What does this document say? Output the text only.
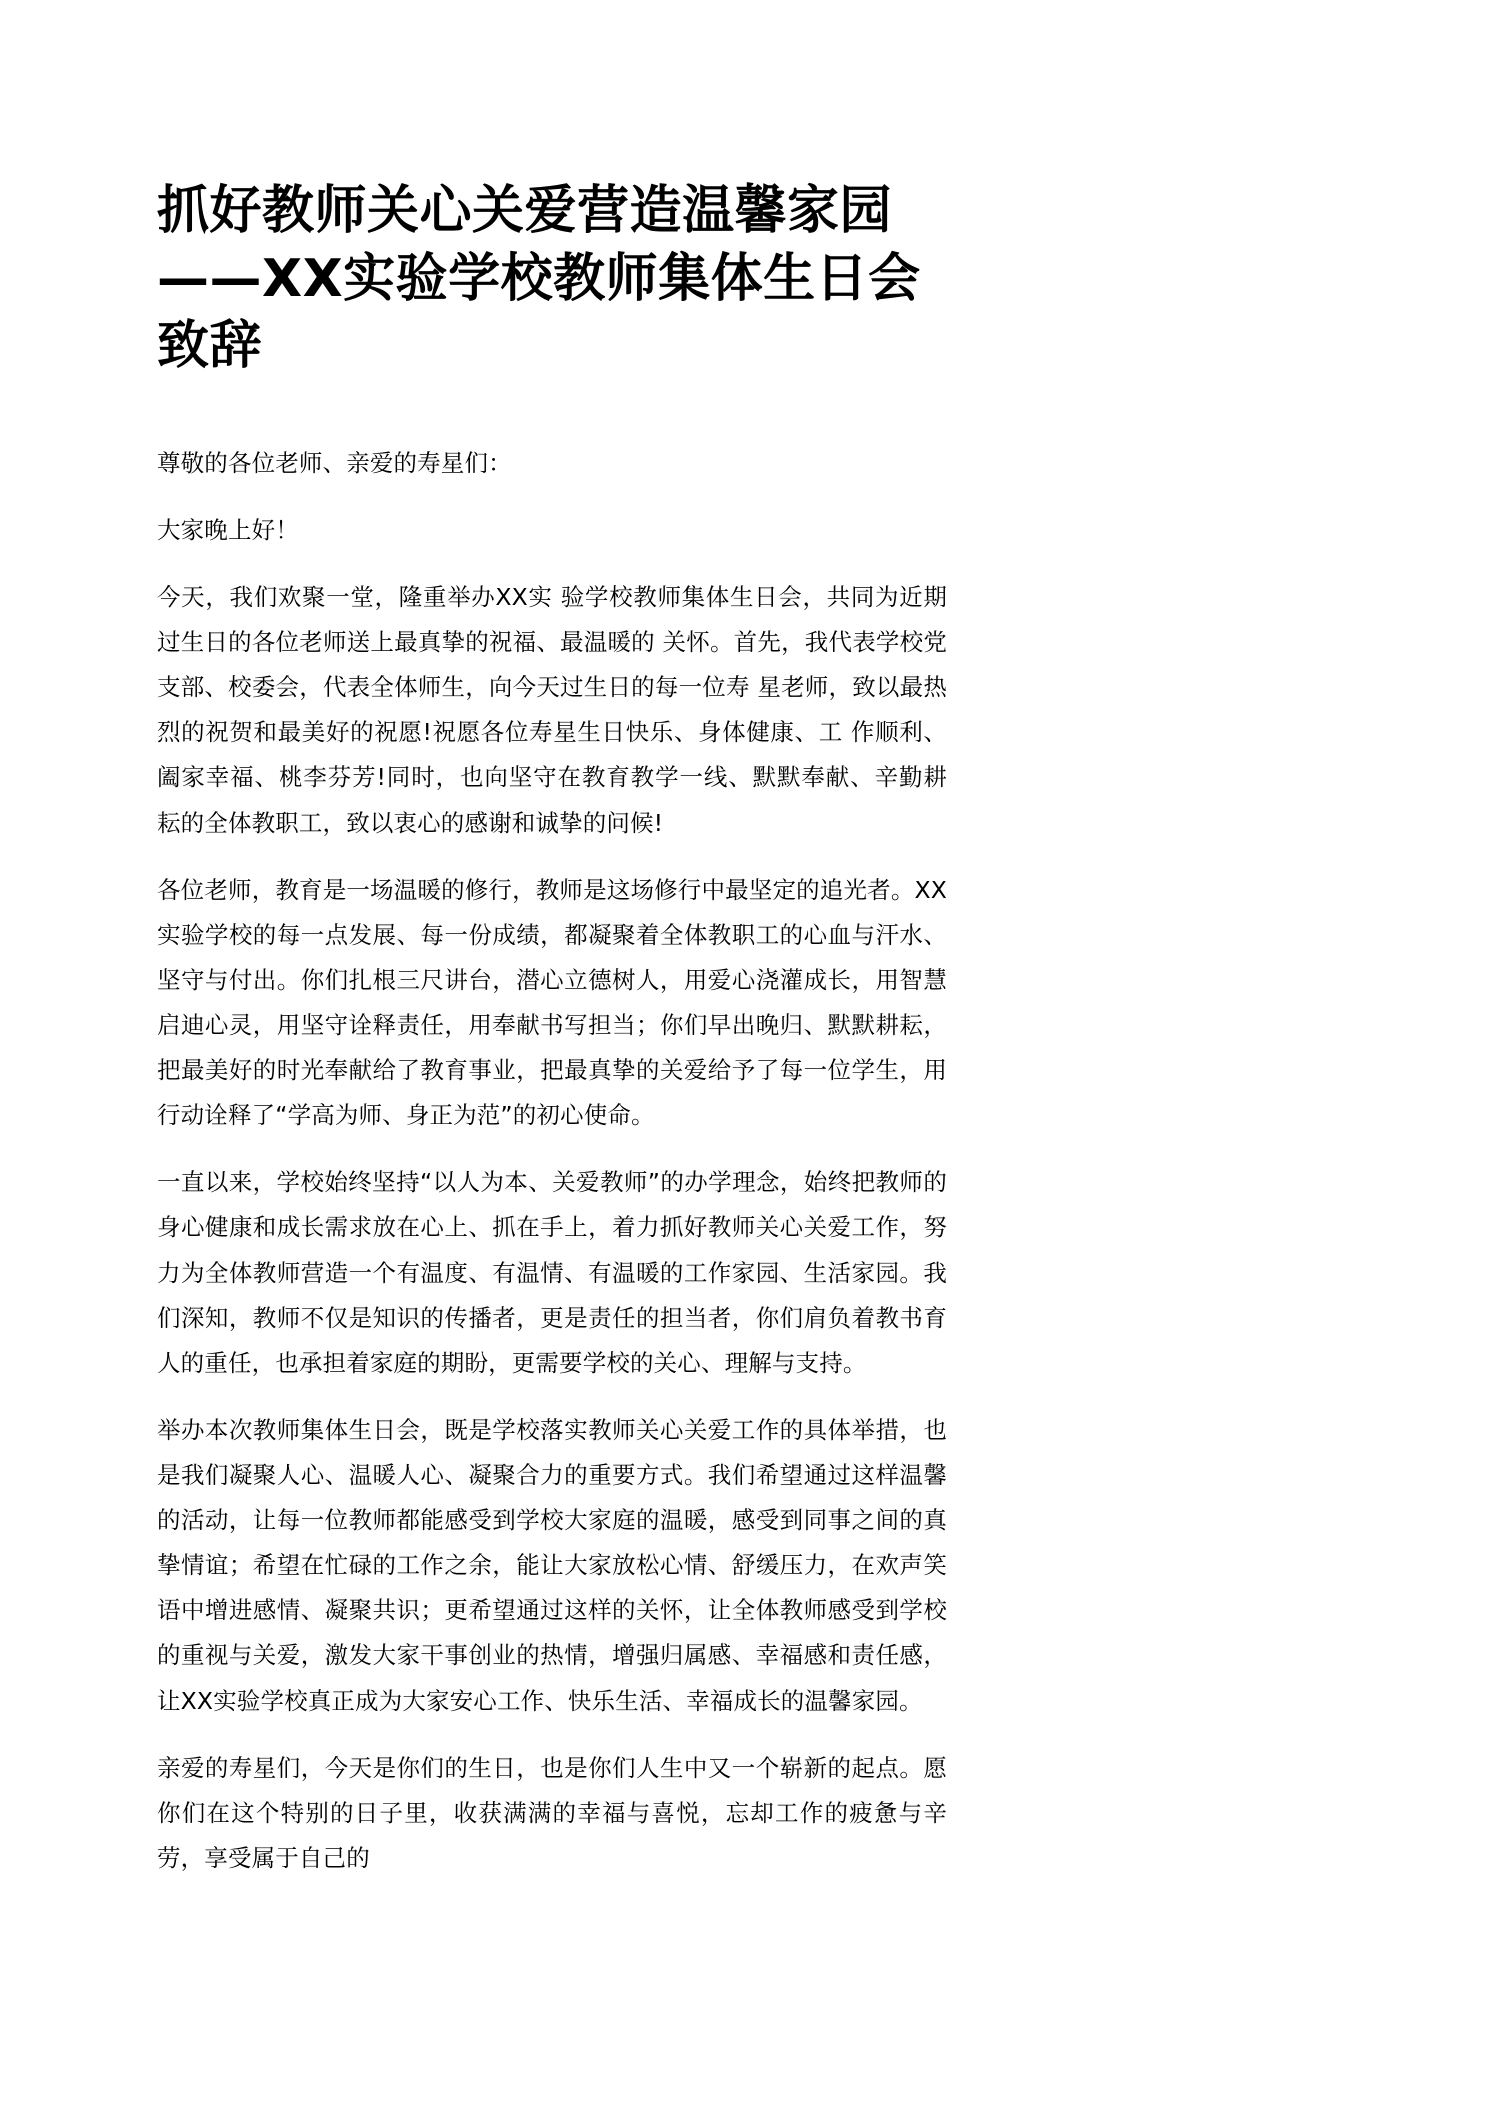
抓好教师关心关爱营造温馨家园——XX实验学校教师集体生日会致辞

尊敬的各位老师、亲爱的寿星们：

大家晚上好！

今天，我们欢聚一堂，隆重举办XX实 验学校教师集体生日会，共同为近期过生日的各位老师送上最真挚的祝福、最温暖的 关怀。首先，我代表学校党支部、校委会，代表全体师生，向今天过生日的每一位寿 星老师，致以最热烈的祝贺和最美好的祝愿!祝愿各位寿星生日快乐、身体健康、工 作顺利、阖家幸福、桃李芬芳!同时，也向坚守在教育教学一线、默默奉献、辛勤耕 耘的全体教职工，致以衷心的感谢和诚挚的问候!

各位老师，教育是一场温暖的修行，教师是这场修行中最坚定的追光者。XX实验学校的每一点发展、每一份成绩，都凝聚着全体教职工的心血与汗水、坚守与付出。你们扎根三尺讲台，潜心立德树人，用爱心浇灌成长，用智慧启迪心灵，用坚守诠释责任，用奉献书写担当；你们早出晚归、默默耕耘，把最美好的时光奉献给了教育事业，把最真挚的关爱给予了每一位学生，用行动诠释了“学高为师、身正为范”的初心使命。

一直以来，学校始终坚持“以人为本、关爱教师”的办学理念，始终把教师的身心健康和成长需求放在心上、抓在手上，着力抓好教师关心关爱工作，努力为全体教师营造一个有温度、有温情、有温暖的工作家园、生活家园。我们深知，教师不仅是知识的传播者，更是责任的担当者，你们肩负着教书育人的重任，也承担着家庭的期盼，更需要学校的关心、理解与支持。

举办本次教师集体生日会，既是学校落实教师关心关爱工作的具体举措，也是我们凝聚人心、温暖人心、凝聚合力的重要方式。我们希望通过这样温馨的活动，让每一位教师都能感受到学校大家庭的温暖，感受到同事之间的真挚情谊；希望在忙碌的工作之余，能让大家放松心情、舒缓压力，在欢声笑语中增进感情、凝聚共识；更希望通过这样的关怀，让全体教师感受到学校的重视与关爱，激发大家干事创业的热情，增强归属感、幸福感和责任感，让XX实验学校真正成为大家安心工作、快乐生活、幸福成长的温馨家园。

亲爱的寿星们，今天是你们的生日，也是你们人生中又一个崭新的起点。愿你们在这个特别的日子里，收获满满的幸福与喜悦，忘却工作的疲惫与辛劳，享受属于自己的
